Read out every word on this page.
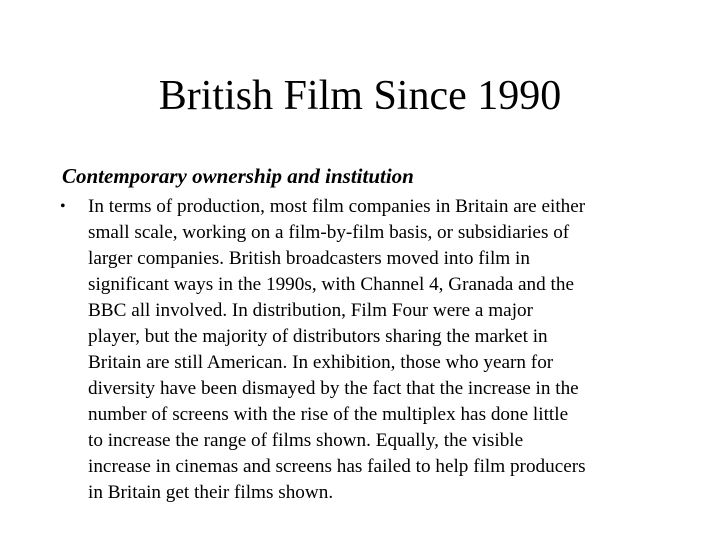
British Film Since 1990

Contemporary ownership and institution

• In terms of production, most film companies in Britain are either
small scale, working on a film-by-film basis, or subsidiaries of
larger companies. British broadcasters moved into film in
significant ways in the 1990s, with Channel 4, Granada and the
BBC all involved. In distribution, Film Four were a major
player, but the majority of distributors sharing the market in
Britain are still American. In exhibition, those who yearn for
diversity have been dismayed by the fact that the increase in the
number of screens with the rise of the multiplex has done little
to increase the range of films shown. Equally, the visible
increase in cinemas and screens has failed to help film producers
in Britain get their films shown.
